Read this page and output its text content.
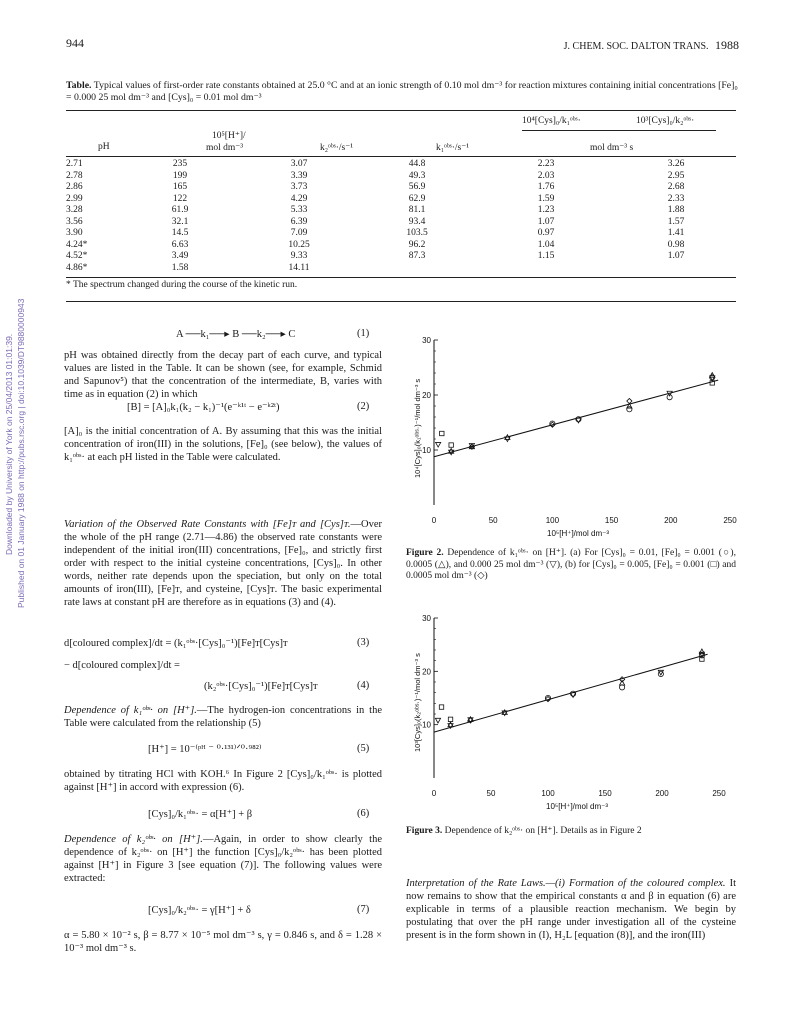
Downloaded by University of York on 25/04/2013 01:01:39. Published on 01 January 1988 on http://pubs.rsc.org | doi:10.1039/DT9880000943
944	J. CHEM. SOC. DALTON TRANS. 1988
Table. Typical values of first-order rate constants obtained at 25.0 °C and at an ionic strength of 0.10 mol dm⁻³ for reaction mixtures containing initial concentrations [Fe]₀ = 0.000 25 mol dm⁻³ and [Cys]₀ = 0.01 mol dm⁻³
10⁴[Cys]₀/k₁ᵒᵇˢ·	10³[Cys]₀/k₂ᵒᵇˢ·
10⁵[H⁺]/
pH	mol dm⁻³	k₂ᵒᵇˢ·/s⁻¹	k₁ᵒᵇˢ·/s⁻¹	mol dm⁻³ s
2.71	235	3.07	44.8	2.23	3.26
2.78	199	3.39	49.3	2.03	2.95
2.86	165	3.73	56.9	1.76	2.68
2.99	122	4.29	62.9	1.59	2.33
3.28	61.9	5.33	81.1	1.23	1.88
3.56	32.1	6.39	93.4	1.07	1.57
3.90	14.5	7.09	103.5	0.97	1.41
4.24*	6.63	10.25	96.2	1.04	0.98
4.52*	3.49	9.33	87.3	1.15	1.07
4.86*	1.58	14.11			
* The spectrum changed during the course of the kinetic run.
A ──k₁──▸ B ──k₂──▸ C	(1)

pH was obtained directly from the decay part of each curve, and typical values are listed in the Table. It can be shown (see, for example, Schmid and Sapunov⁵) that the concentration of the intermediate, B, varies with time as in equation (2) in which

[B] = [A]₀k₁(k₂ − k₁)⁻¹(e⁻ᵏ¹ᵗ − e⁻ᵏ²ᵗ)	(2)

[A]₀ is the initial concentration of A. By assuming that this was the initial concentration of iron(III) in the solutions, [Fe]₀ (see below), the values of k₁ᵒᵇˢ· at each pH listed in the Table were calculated.

Variation of the Observed Rate Constants with [Fe]ᴛ and [Cys]ᴛ.—Over the whole of the pH range (2.71—4.86) the observed rate constants were independent of the initial iron(III) concentrations, [Fe]₀, and strictly first order with respect to the initial cysteine concentrations, [Cys]₀. In other words, neither rate depends upon the speciation, but only on the total amounts of iron(III), [Fe]ᴛ, and cysteine, [Cys]ᴛ. The basic experimental rate laws at constant pH are therefore as in equations (3) and (4).

d[coloured complex]/dt = (k₁ᵒᵇˢ·[Cys]₀⁻¹)[Fe]ᴛ[Cys]ᴛ	(3)
− d[coloured complex]/dt =
(k₂ᵒᵇˢ·[Cys]₀⁻¹)[Fe]ᴛ[Cys]ᴛ	(4)

Dependence of k₁ᵒᵇˢ· on [H⁺].—The hydrogen-ion concentrations in the Table were calculated from the relationship (5)

[H⁺] = 10⁻⁽ᵖᴴ ⁻ ⁰·¹³¹⁾ᐟ⁰·⁹⁸²⁾	(5)

obtained by titrating HCl with KOH.⁶ In Figure 2 [Cys]₀/k₁ᵒᵇˢ· is plotted against [H⁺] in accord with expression (6).

[Cys]₀/k₁ᵒᵇˢ· = α[H⁺] + β	(6)

Dependence of k₂ᵒᵇˢ· on [H⁺].—Again, in order to show clearly the dependence of k₂ᵒᵇˢ· on [H⁺] the function [Cys]₀/k₂ᵒᵇˢ· has been plotted against [H⁺] in Figure 3 [see equation (7)]. The following values were extracted:

[Cys]₀/k₂ᵒᵇˢ· = γ[H⁺] + δ	(7)

α = 5.80 × 10⁻² s, β = 8.77 × 10⁻⁵ mol dm⁻³ s, γ = 0.846 s, and δ = 1.28 × 10⁻³ mol dm⁻³ s.

10⁴[Cys]₀(k₁ᵒᵇˢ·)⁻¹/mol dm⁻³ s 10
20
30
0	50	100	150	200	250
10⁵[H⁺]/mol dm⁻³
Figure 2. Dependence of k₁ᵒᵇˢ· on [H⁺]. (a) For [Cys]₀ = 0.01, [Fe]₀ = 0.001 (○), 0.0005 (△), and 0.000 25 mol dm⁻³ (▽), (b) for [Cys]₀ = 0.005, [Fe]₀ = 0.001 (□) and 0.0005 mol dm⁻³ (◇)
10³[Cys]₀(k₂ᵒᵇˢ·)⁻¹/mol dm⁻³ s 10
20
30
0	50	100	150	200	250
10⁵[H⁺]/mol dm⁻³
Figure 3. Dependence of k₂ᵒᵇˢ· on [H⁺]. Details as in Figure 2

Interpretation of the Rate Laws.—(i) Formation of the coloured complex. It now remains to show that the empirical constants α and β in equation (6) are explicable in terms of a plausible reaction mechanism. We begin by postulating that over the pH range under investigation all of the cysteine present is in the form shown in (I), H₂L [equation (8)], and the iron(III)
